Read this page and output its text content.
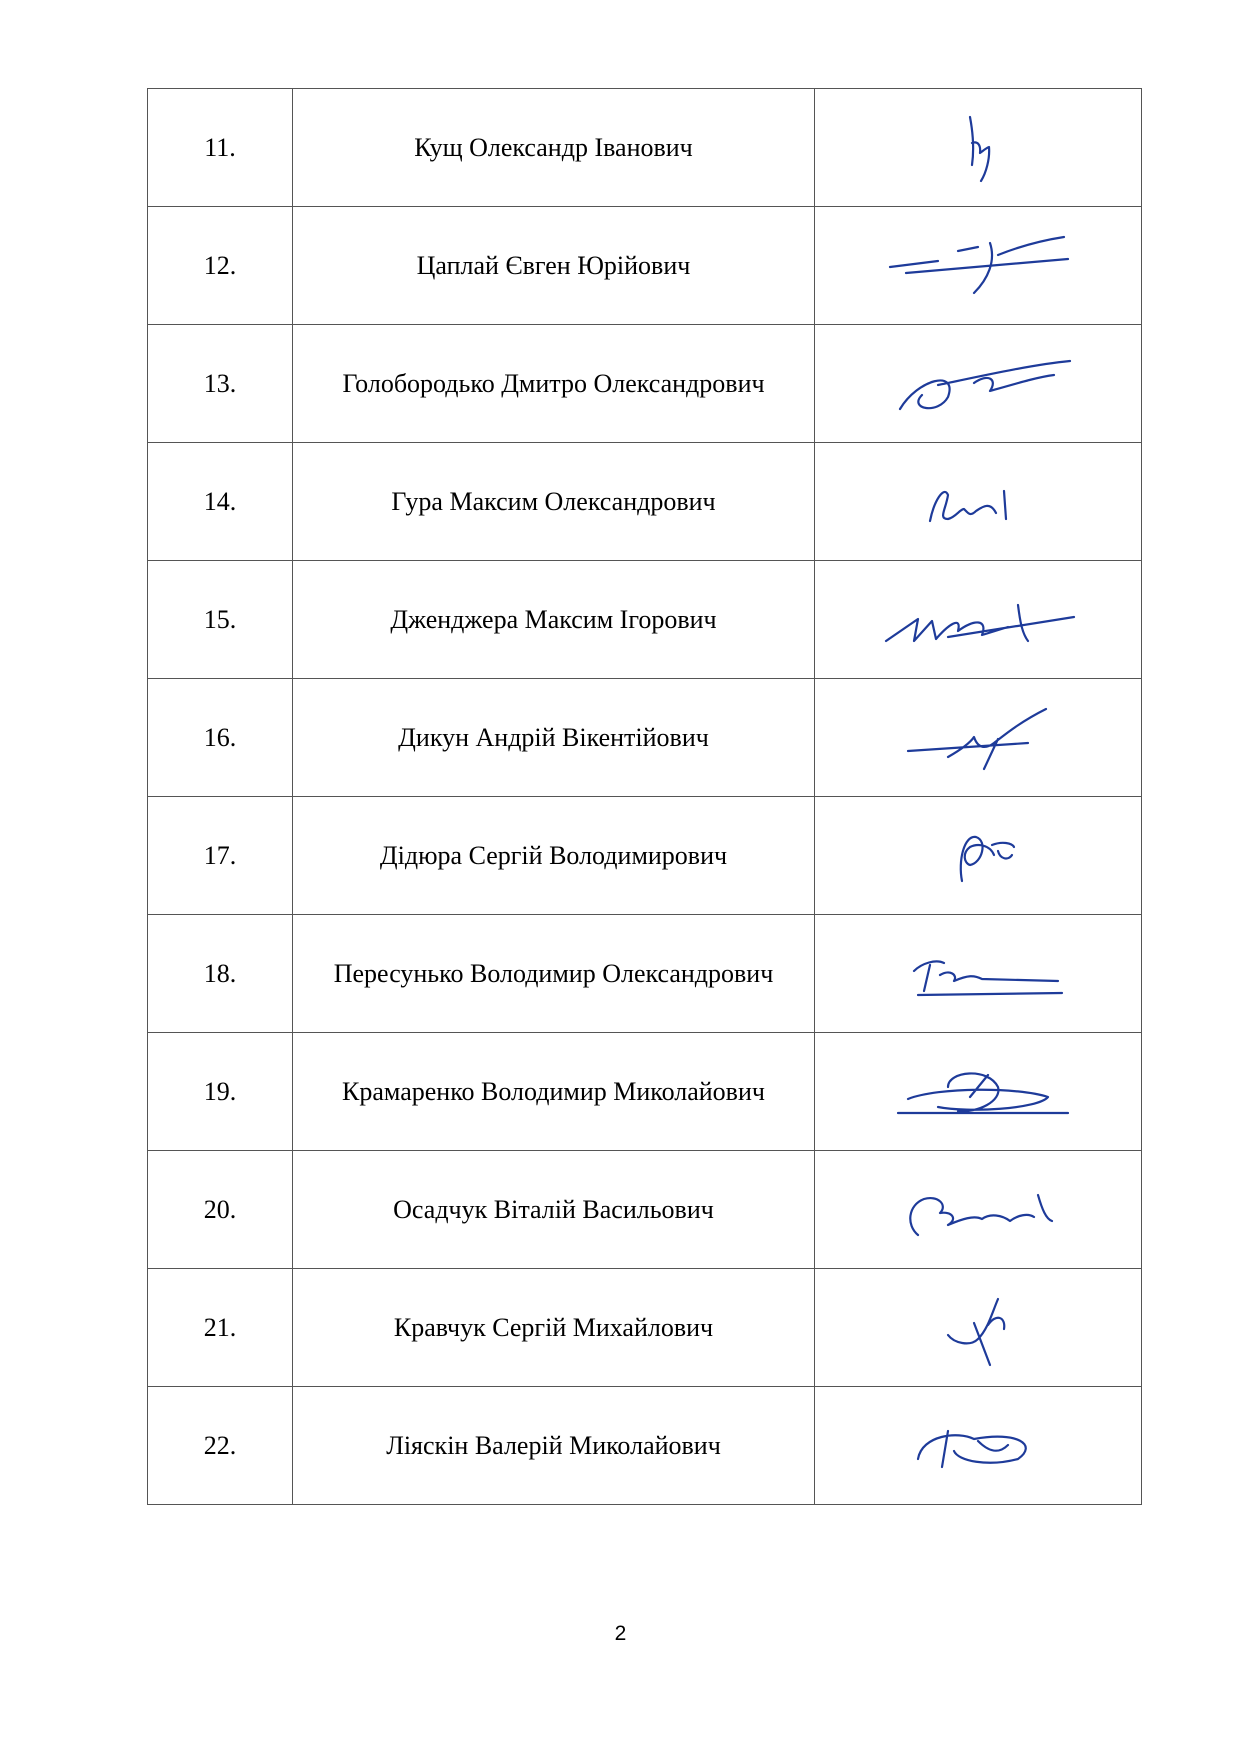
11.	Кущ Олександр Іванович	

12.	Цаплай Євген Юрійович	

13.	Голобородько Дмитро Олександрович	

14.	Гура Максим Олександрович	

15.	Дженджера Максим Ігорович	

16.	Дикун Андрій Вікентійович	

17.	Дідюра Сергій Володимирович	

18.	Пересунько Володимир Олександрович	

19.	Крамаренко Володимир Миколайович	

20.	Осадчук Віталій Васильович	

21.	Кравчук Сергій Михайлович	

22.	Ліяскін Валерій Миколайович	
2
